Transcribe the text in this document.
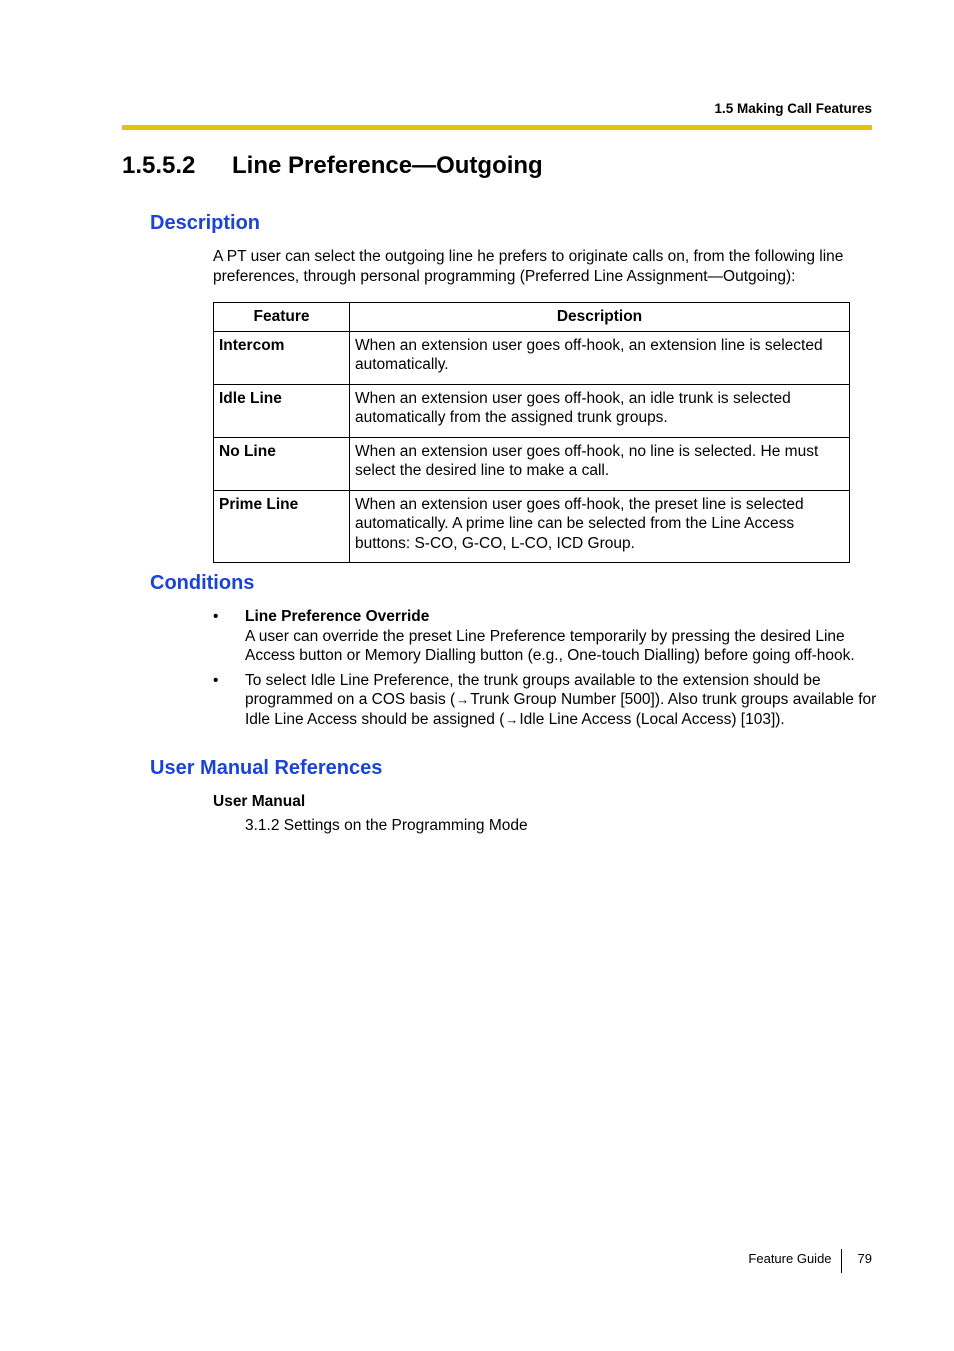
1.5 Making Call Features
1.5.5.2 Line Preference—Outgoing
Description
A PT user can select the outgoing line he prefers to originate calls on, from the following line preferences, through personal programming (Preferred Line Assignment—Outgoing):
Feature	Description
Intercom	When an extension user goes off-hook, an extension line is selected automatically.
Idle Line	When an extension user goes off-hook, an idle trunk is selected automatically from the assigned trunk groups.
No Line	When an extension user goes off-hook, no line is selected. He must select the desired line to make a call.
Prime Line	When an extension user goes off-hook, the preset line is selected automatically. A prime line can be selected from the Line Access buttons: S-CO, G-CO, L-CO, ICD Group.
Conditions
• Line Preference Override
A user can override the preset Line Preference temporarily by pressing the desired Line Access button or Memory Dialling button (e.g., One-touch Dialling) before going off-hook.
• To select Idle Line Preference, the trunk groups available to the extension should be programmed on a COS basis (→Trunk Group Number [500]). Also trunk groups available for Idle Line Access should be assigned (→Idle Line Access (Local Access) [103]).
User Manual References
User Manual
3.1.2 Settings on the Programming Mode
Feature Guide	79
